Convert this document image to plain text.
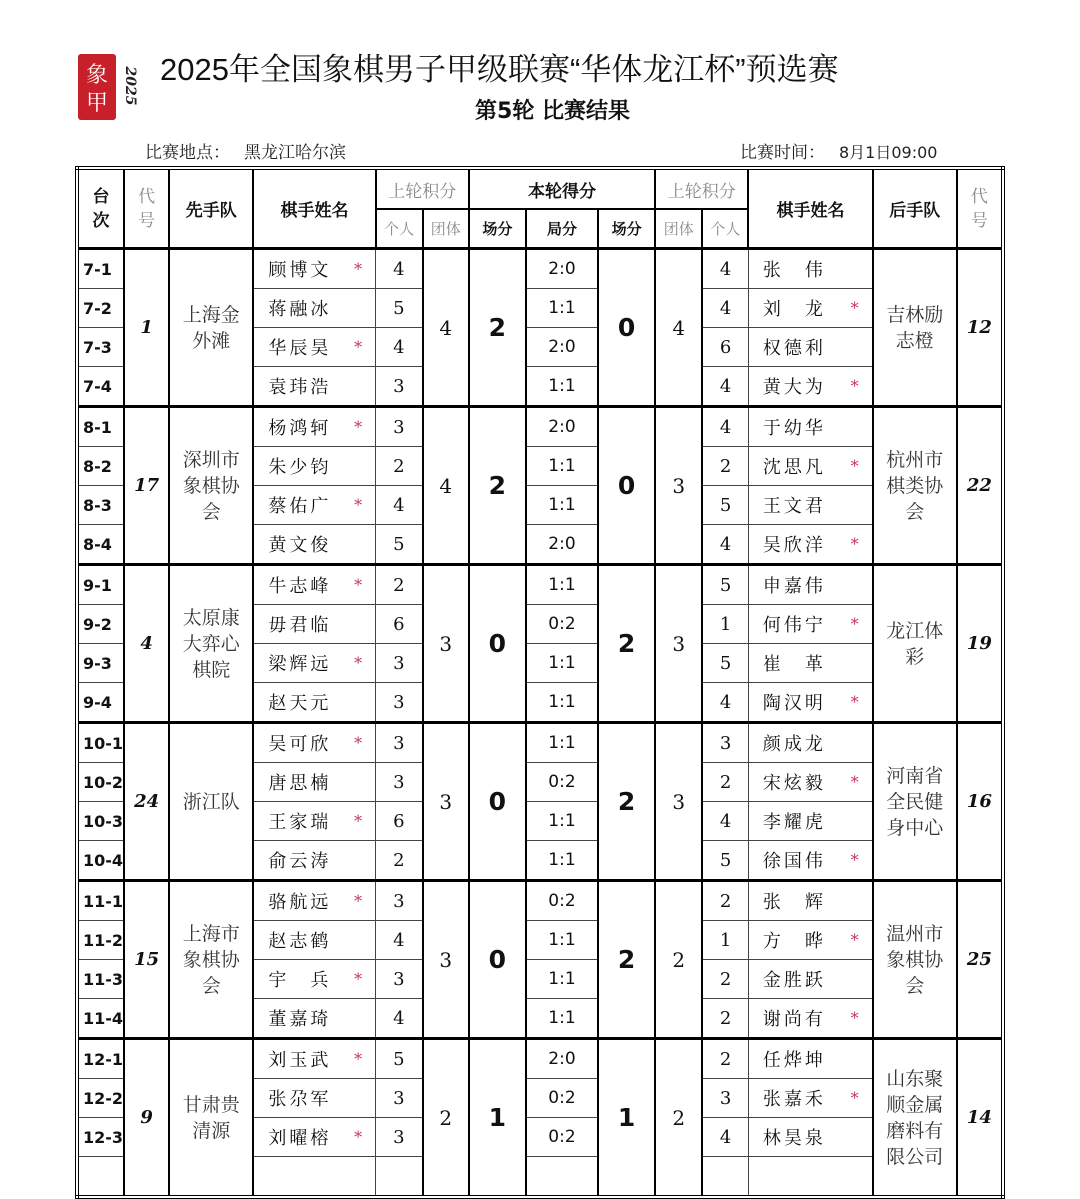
象
甲 2025 2025年全国象棋男子甲级联赛“华体龙江杯”预选赛
第5轮 比赛结果
比赛地点： 黑龙江哈尔滨	比赛时间： 8月1日09:00
台次	代号	先手队	棋手姓名	上轮积分		本轮得分			上轮积分		棋手姓名	后手队	代号
				个人	团体	场分	局分	场分	团体	个人			
7-1	1	上海金外滩	顾博文 *	4	4	2	2:0	0	4	4	张　伟	吉林励志橙	12
7-2			蒋融冰	5			1:1			4	刘　龙 *		

7-3			华辰昊 *	4			2:0			6	权德利		
7-4			袁玮浩	3			1:1			4	黄大为 *		

8-1	17	深圳市象棋协会	杨鸿轲 *	3	4	2	2:0	0	3	4	于幼华	杭州市棋类协会	22
8-2			朱少钧	2			1:1			2	沈思凡 *		

8-3			蔡佑广 *	4			1:1			5	王文君		
8-4			黄文俊	5			2:0			4	吴欣洋 *		

9-1	4	太原康大弈心棋院	牛志峰 *	2	3	0	1:1	2	3	5	申嘉伟	龙江体彩	19
9-2			毋君临	6			0:2			1	何伟宁 *		

9-3			梁辉远 *	3			1:1			5	崔　革		
9-4			赵天元	3			1:1			4	陶汉明 *		

10-1	24	浙江队	吴可欣 *	3	3	0	1:1	2	3	3	颜成龙	河南省全民健身中心	16
10-2			唐思楠	3			0:2			2	宋炫毅 *		

10-3			王家瑞 *	6			1:1			4	李耀虎		
10-4			俞云涛	2			1:1			5	徐国伟 *		

11-1	15	上海市象棋协会	骆航远 *	3	3	0	0:2	2	2	2	张　辉	温州市象棋协会	25
11-2			赵志鹤	4			1:1			1	方　晔 *		

11-3			宇　兵 *	3			1:1			2	金胜跃		
11-4			董嘉琦	4			1:1			2	谢尚有 *		

12-1	9	甘肃贵清源	刘玉武 *	5	2	1	2:0	1	2	2	任烨坤	山东聚顺金属磨料有限公司	14
12-2			张尕军	3			0:2			3	张嘉禾 *		

12-3			刘曜榕 *	3			0:2			4	林昊泉		
